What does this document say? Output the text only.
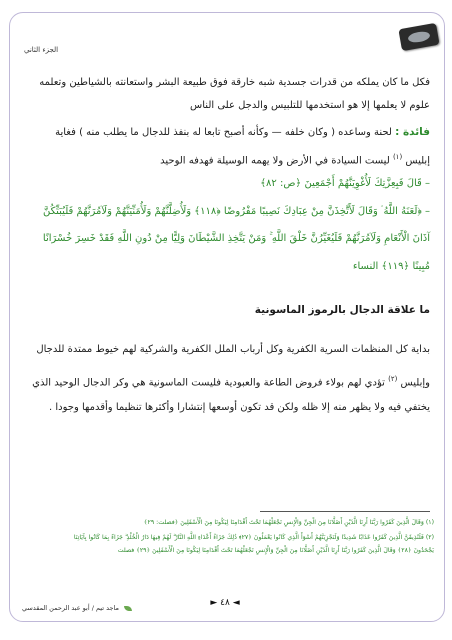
الجزء الثاني
فكل ما كان يملكه من قدرات جسدية شبه خارقة فوق طبيعة البشر واستعانته بالشياطين وتعلمه
علوم لا يعلمها إلا هو استخدمها للتلبيس والدجل على الناس
فائدة : لحنة وساعده ( وكان خلفه — وكأنه أصبح تابعا له بنفذ للدجال ما يطلب منه ) فغاية
إبليس $^{(١)}$ ليست السيادة في الأرض ولا يهمه الوسيلة فهدفه الوحيد
– قَالَ فَبِعِزَّتِكَ لَأُغْوِيَنَّهُمْ أَجْمَعِينَ ﴿ص: ٨٢﴾
– ﴿لَعَنَهُ اللَّهُ ۘ وَقَالَ لَأَتَّخِذَنَّ مِنْ عِبَادِكَ نَصِيبًا مَفْرُوضًا ﴿١١٨﴾ وَلَأُضِلَّنَّهُمْ وَلَأُمَنِّيَنَّهُمْ وَلَآمُرَنَّهُمْ فَلَيُبَتِّكُنَّ
آذَانَ الْأَنْعَامِ وَلَآمُرَنَّهُمْ فَلَيُغَيِّرُنَّ خَلْقَ اللَّهِ ۚ وَمَنْ يَتَّخِذِ الشَّيْطَانَ وَلِيًّا مِنْ دُونِ اللَّهِ فَقَدْ خَسِرَ خُسْرَانًا
مُبِينًا ﴿١١٩﴾ النساء
ما علاقة الدجال بالرموز الماسونية
بداية كل المنظمات السرية الكفرية وكل أرباب الملل الكفرية والشركية لهم خيوط ممتدة للدجال
وإبليس $^{(٢)}$ تؤدي لهم بولاء فروض الطاعة والعبودية فليست الماسونية هي وكر الدجال الوحيد الذي
يختفي فيه ولا يظهر منه إلا ظله ولكن قد تكون أوسعها إنتشارا وأكثرها تنظيما وأقدمها وجودا .
(١) وَقَالَ الَّذِينَ كَفَرُوا رَبَّنَا أَرِنَا الَّذَيْنِ أَضَلَّانَا مِنَ الْجِنِّ وَالْإِنسِ نَجْعَلْهُمَا تَحْتَ أَقْدَامِنَا لِيَكُونَا مِنَ الْأَسْفَلِينَ ﴿فصلت: ٢٩﴾
(٢) فَلَنُذِيقَنَّ الَّذِينَ كَفَرُوا عَذَابًا شَدِيدًا وَلَنَجْزِيَنَّهُمْ أَسْوَأَ الَّذِي كَانُوا يَعْمَلُونَ ﴿٢٧﴾ ذَٰلِكَ جَزَاءُ أَعْدَاءِ اللَّهِ النَّارُ ۖ لَهُمْ فِيهَا دَارُ الْخُلْدِ ۖ جَزَاءً بِمَا كَانُوا بِآيَاتِنَا
يَجْحَدُونَ ﴿٢٨﴾ وَقَالَ الَّذِينَ كَفَرُوا رَبَّنَا أَرِنَا الَّذَيْنِ أَضَلَّانَا مِنَ الْجِنِّ وَالْإِنسِ نَجْعَلْهُمَا تَحْتَ أَقْدَامِنَا لِيَكُونَا مِنَ الْأَسْفَلِينَ ﴿٢٩﴾ فصلت
◄ ٤٨ ►
ماجد تيم / أبو عبد الرحمن المقدسي
